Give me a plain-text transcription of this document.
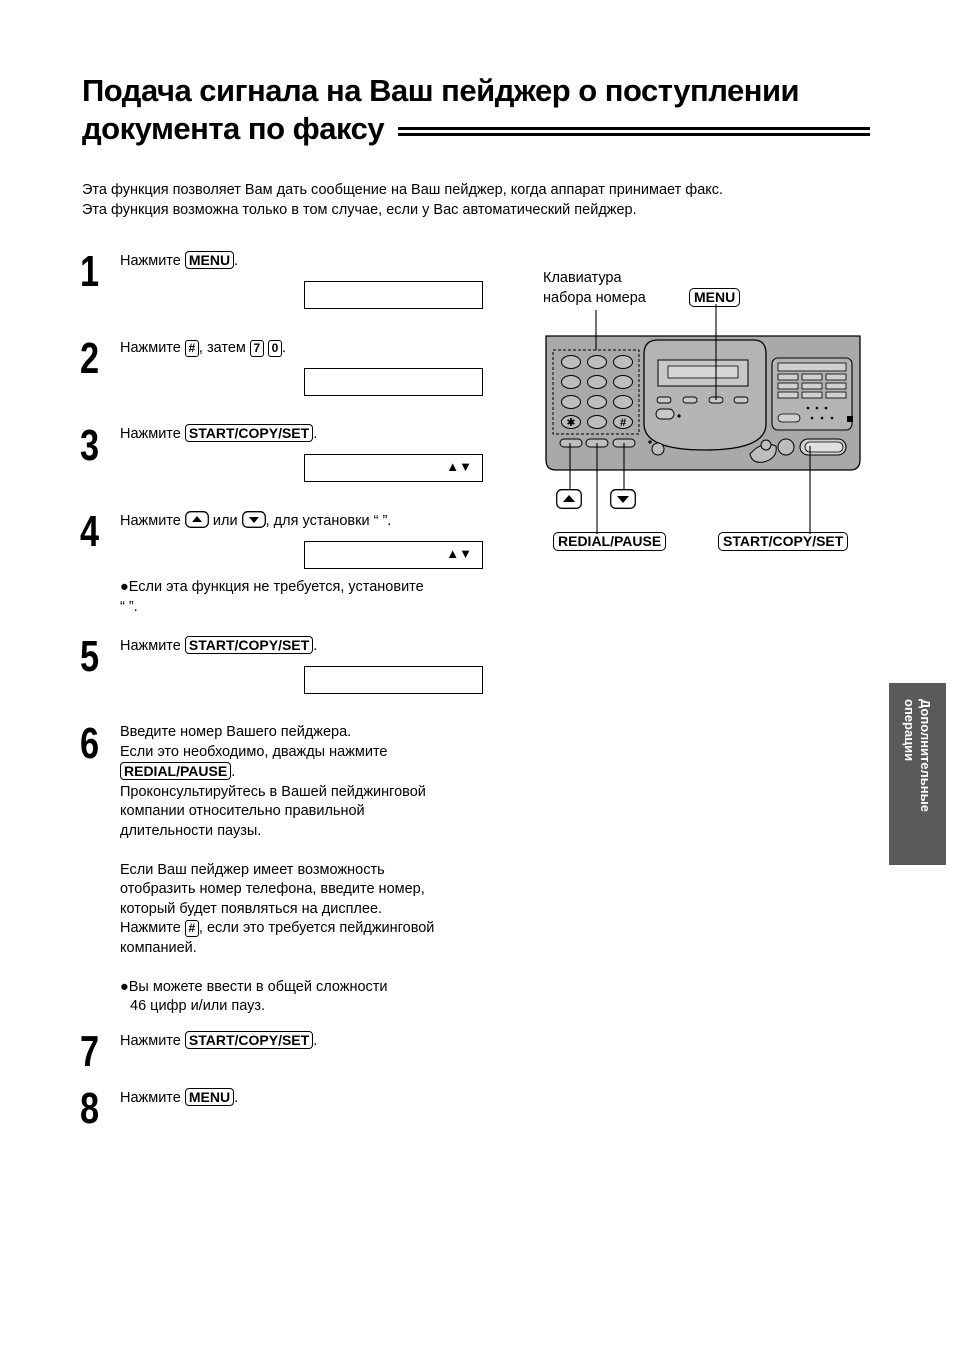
Подача сигнала на Ваш пейджер о поступлении
документа по факсу
Эта функция позволяет Вам дать сообщение на Ваш пейджер, когда аппарат принимает факс.
Эта функция возможна только в том случае, если у Вас автоматический пейджер.
1 Нажмите MENU .
2 Нажмите # , затем 7 0 .
3 Нажмите START/COPY/SET .
▲▼
4 Нажмите или , для установки “ ”.
▲▼
●Если эта функция не требуется, установите
“ ”.
5 Нажмите START/COPY/SET .
6 Введите номер Вашего пейджера.
Если это необходимо, дважды нажмите
REDIAL/PAUSE .
Проконсультируйтесь в Вашей пейджинговой
компании относительно правильной
длительности паузы.
Если Ваш пейджер имеет возможность
отобразить номер телефона, введите номер,
который будет появляться на дисплее.
Нажмите # , если это требуется пейджинговой
компанией.
●Вы можете ввести в общей сложности
46 цифр и/или пауз.
7 Нажмите START/COPY/SET .
8 Нажмите MENU .
Клавиатура
набора номера	MENU
✱	#
REDIAL/PAUSE	START/COPY/SET
Дополнительные
операции
